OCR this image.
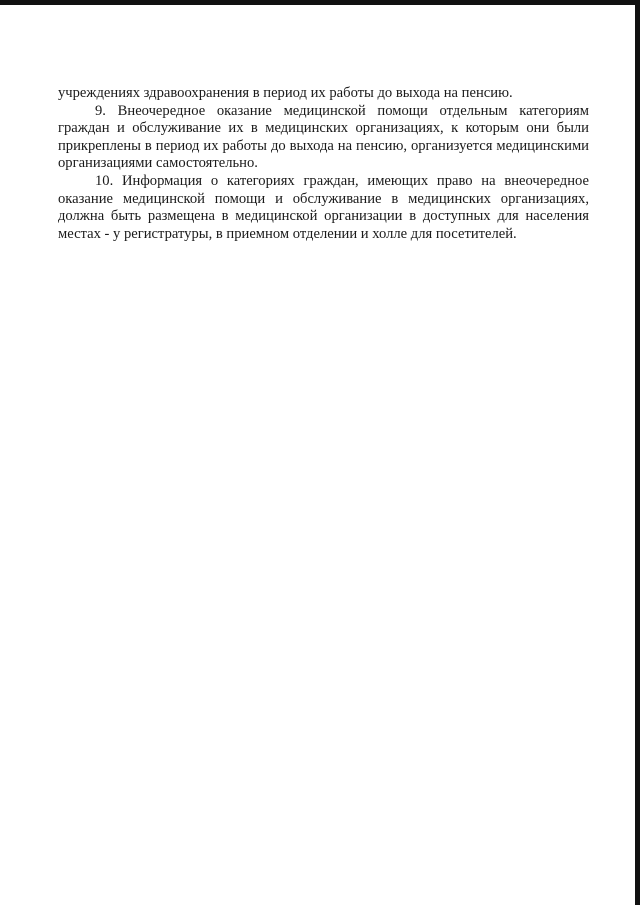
учреждениях здравоохранения в период их работы до выхода на пенсию.

9. Внеочередное оказание медицинской помощи отдельным категориям граждан и обслуживание их в медицинских организациях, к которым они были прикреплены в период их работы до выхода на пенсию, организуется медицинскими организациями самостоятельно.

10. Информация о категориях граждан, имеющих право на внеочередное оказание медицинской помощи и обслуживание в медицинских организациях, должна быть размещена в медицинской организации в доступных для населения местах - у регистратуры, в приемном отделении и холле для посетителей.
